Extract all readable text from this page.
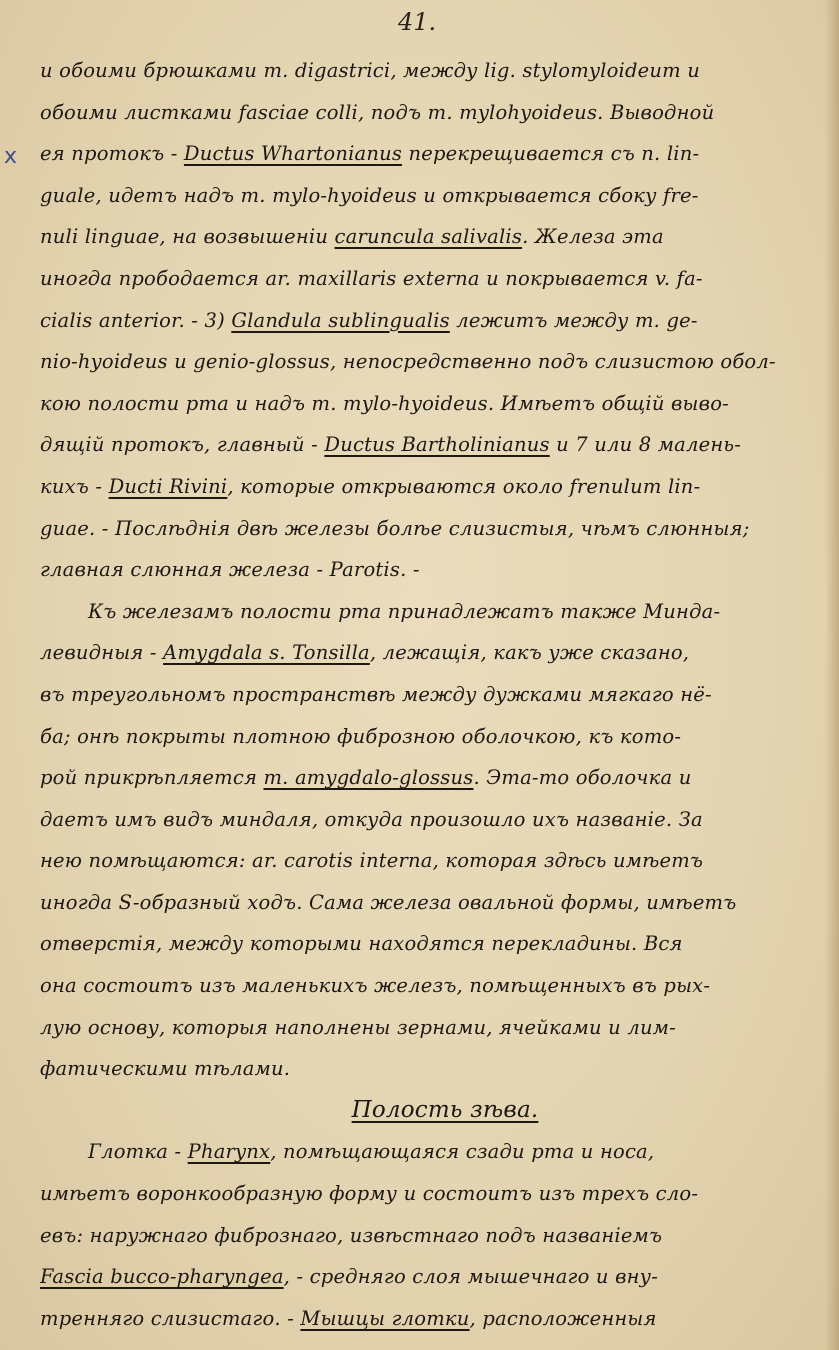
41.
x
и обоими брюшками m. digastrici, между lig. stylomyloideum и
обоими листками fasciae colli, подъ m. mylohyoideus. Выводной
ея протокъ - Ductus Whartonianus перекрещивается съ n. lin-
guale, идетъ надъ m. mylo-hyoideus и открывается сбоку fre-
nuli linguae, на возвышеніи caruncula salivalis. Железа эта
иногда прободается ar. maxillaris externa и покрывается v. fa-
cialis anterior. - 3) Glandula sublingualis лежитъ между m. ge-
nio-hyoideus и genio-glossus, непосредственно подъ слизистою обол-
кою полости рта и надъ m. mylo-hyoideus. Имѣетъ общій выво-
дящій протокъ, главный - Ductus Bartholinianus и 7 или 8 малень-
кихъ - Ducti Rivini, которые открываются около frenulum lin-
guae. - Послѣднія двѣ железы болѣе слизистыя, чѣмъ слюнныя;
главная слюнная железа - Parotis. -
Къ железамъ полости рта принадлежатъ также Минда-
левидныя - Amygdala s. Tonsilla, лежащія, какъ уже сказано,
въ треугольномъ пространствѣ между дужками мягкаго нё-
ба; онѣ покрыты плотною фиброзною оболочкою, къ кото-
рой прикрѣпляется m. amygdalo-glossus. Эта-то оболочка и
даетъ имъ видъ миндаля, откуда произошло ихъ названіе. За
нею помѣщаются: ar. carotis interna, которая здѣсь имѣетъ
иногда S-образный ходъ. Сама железа овальной формы, имѣетъ
отверстія, между которыми находятся перекладины. Вся
она состоитъ изъ маленькихъ железъ, помѣщенныхъ въ рых-
лую основу, которыя наполнены зернами, ячейками и лим-
фатическими тѣлами.
Полость зѣва.
Глотка - Pharynx, помѣщающаяся сзади рта и носа,
имѣетъ воронкообразную форму и состоитъ изъ трехъ сло-
евъ: наружнаго фибрознаго, извѣстнаго подъ названіемъ
Fascia bucco-pharyngea, - средняго слоя мышечнаго и вну-
тренняго слизистаго. - Мышцы глотки, расположенныя
